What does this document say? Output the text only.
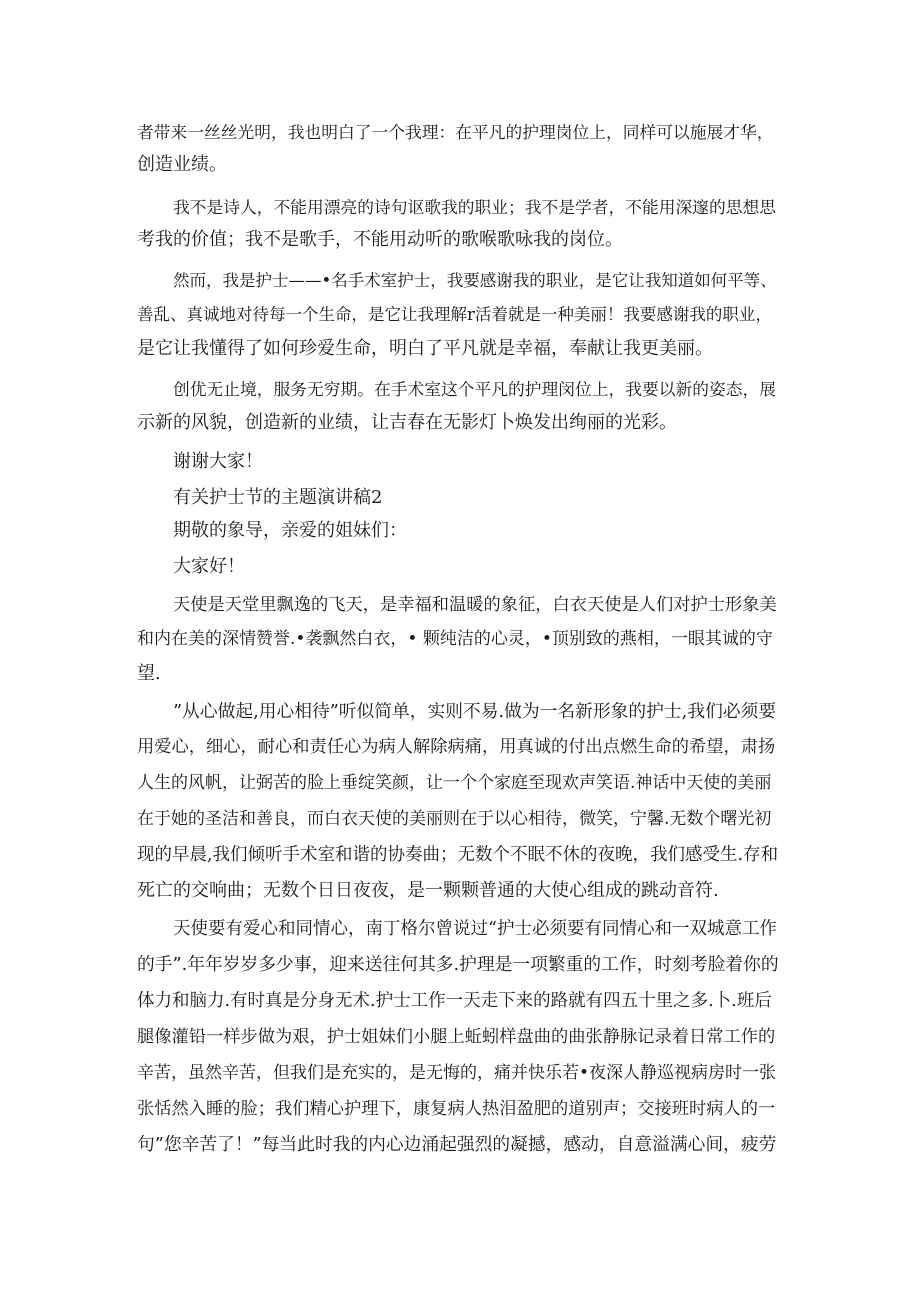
者带来一丝丝光明，我也明白了一个我理：在平凡的护理岗位上，同样可以施展才华，
创造业绩。
我不是诗人，不能用漂亮的诗句讴歌我的职业；我不是学者，不能用深邃的思想思
考我的价值；我不是歌手，不能用动听的歌喉歌咏我的岗位。
然而，我是护士——•名手术室护士，我要感谢我的职业，是它让我知道如何平等、
善乱、真诚地对待每一个生命，是它让我理解r活着就是一种美丽！我要感谢我的职业，
是它让我懂得了如何珍爱生命，明白了平凡就是幸福，奉献让我更美丽。
创优无止境，服务无穷期。在手术室这个平凡的护理闵位上，我要以新的姿态，展
示新的风貌，创造新的业绩，让吉春在无影灯卜焕发出绚丽的光彩。
谢谢大家！
有关护士节的主题演讲稿2
期敬的象导，亲爱的姐妹们：
大家好！
天使是天堂里飘逸的飞天，是幸福和温暖的象征，白衣天使是人们对护士形象美
和内在美的深情赞誉.•袭飘然白衣，• 颗纯洁的心灵，•顶别致的燕相，一眼其诚的守
望.
”从心做起,用心相待”听似简单，实则不易.做为一名新形象的护士,我们必须要
用爱心，细心，耐心和责任心为病人解除病痛，用真诚的付出点燃生命的希望，肃扬
人生的风帆，让弼苦的脸上垂绽笑颜，让一个个家庭至现欢声笑语.神话中天使的美丽
在于她的圣洁和善良，而白衣天使的美丽则在于以心相待，微笑，宁馨.无数个曙光初
现的早晨,我们倾听手术室和谐的协奏曲；无数个不眠不休的夜晚，我们感受生.存和
死亡的交响曲；无数个日日夜夜，是一颗颗普通的大使心组成的跳动音符.
天使要有爱心和同情心，南丁格尔曾说过“护士必须要有同情心和一双城意工作
的手”.年年岁岁多少事，迎来送往何其多.护理是一项繁重的工作，时刻考脸着你的
体力和脑力.有时真是分身无术.护士工作一天走下来的路就有四五十里之多.卜.班后
腿像灌铅一样步做为艰，护士姐妹们小腿上蚯蚓样盘曲的曲张静脉记录着日常工作的
辛苦，虽然辛苦，但我们是充实的，是无悔的，痛并快乐若•夜深人静巡视病房时一张
张恬然入睡的脸；我们精心护理下，康复病人热泪盈肥的道别声；交接班时病人的一
句”您辛苦了！”每当此时我的内心边涌起强烈的凝撼，感动，自意溢满心间，疲劳
